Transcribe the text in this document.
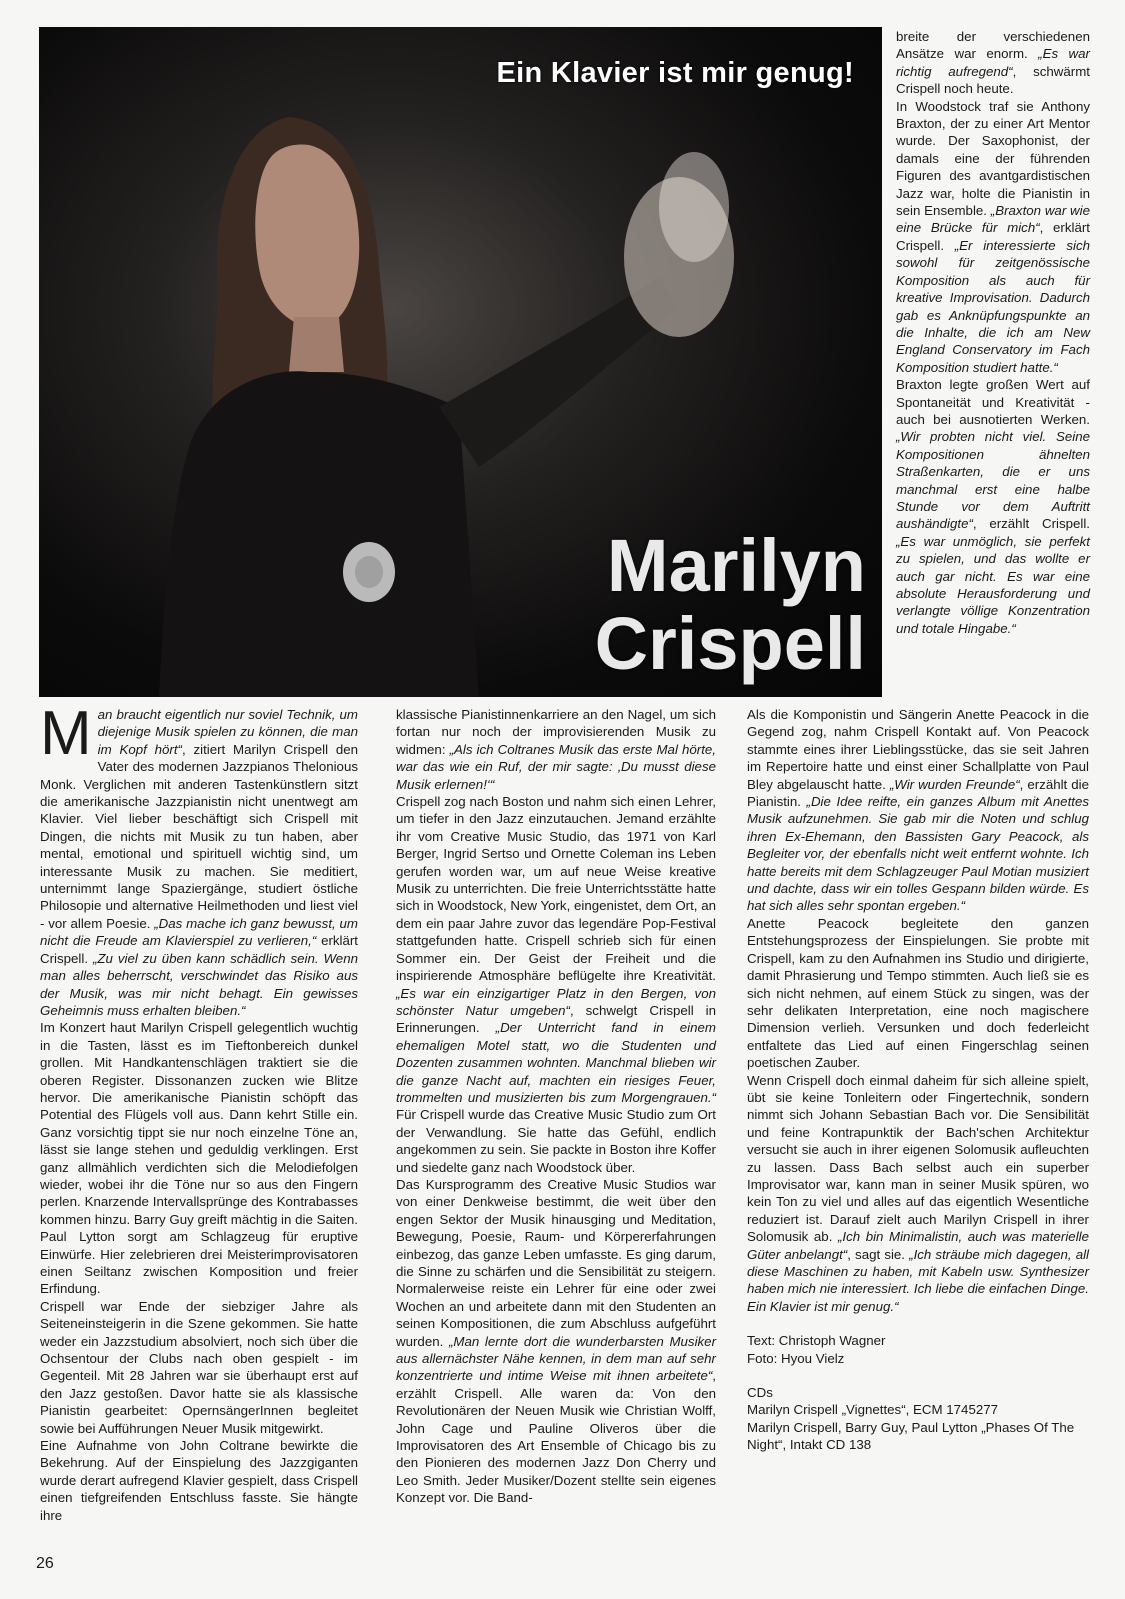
Ein Klavier ist mir genug!
Marilyn
Crispell

breite der verschiedenen Ansätze war enorm. „Es war richtig aufregend“, schwärmt Crispell noch heute.

In Woodstock traf sie Anthony Braxton, der zu einer Art Mentor wurde. Der Saxophonist, der damals eine der führenden Figuren des avantgardistischen Jazz war, holte die Pianistin in sein Ensemble. „Braxton war wie eine Brücke für mich“, erklärt Crispell. „Er interessierte sich sowohl für zeitgenössische Komposition als auch für kreative Improvisation. Dadurch gab es Anknüpfungspunkte an die Inhalte, die ich am New England Conservatory im Fach Komposition studiert hatte.“

Braxton legte großen Wert auf Spontaneität und Kreativität - auch bei ausnotierten Werken. „Wir probten nicht viel. Seine Kompositionen ähnelten Straßenkarten, die er uns manchmal erst eine halbe Stunde vor dem Auftritt aushändigte“, erzählt Crispell. „Es war unmöglich, sie perfekt zu spielen, und das wollte er auch gar nicht. Es war eine absolute Herausforderung und verlangte völlige Konzentration und totale Hingabe.“

Man braucht eigentlich nur soviel Technik, um diejenige Musik spielen zu können, die man im Kopf hört“, zitiert Marilyn Crispell den Vater des modernen Jazzpianos Thelonious Monk. Verglichen mit anderen Tastenkünstlern sitzt die amerikanische Jazzpianistin nicht unentwegt am Klavier. Viel lieber beschäftigt sich Crispell mit Dingen, die nichts mit Musik zu tun haben, aber mental, emotional und spirituell wichtig sind, um interessante Musik zu machen. Sie meditiert, unternimmt lange Spaziergänge, studiert östliche Philosopie und alternative Heilmethoden und liest viel - vor allem Poesie. „Das mache ich ganz bewusst, um nicht die Freude am Klavierspiel zu verlieren,“ erklärt Crispell. „Zu viel zu üben kann schädlich sein. Wenn man alles beherrscht, verschwindet das Risiko aus der Musik, was mir nicht behagt. Ein gewisses Geheimnis muss erhalten bleiben.“

Im Konzert haut Marilyn Crispell gelegentlich wuchtig in die Tasten, lässt es im Tieftonbereich dunkel grollen. Mit Handkantenschlägen traktiert sie die oberen Register. Dissonanzen zucken wie Blitze hervor. Die amerikanische Pianistin schöpft das Potential des Flügels voll aus. Dann kehrt Stille ein. Ganz vorsichtig tippt sie nur noch einzelne Töne an, lässt sie lange stehen und geduldig verklingen. Erst ganz allmählich verdichten sich die Melodiefolgen wieder, wobei ihr die Töne nur so aus den Fingern perlen. Knarzende Intervallsprünge des Kontrabasses kommen hinzu. Barry Guy greift mächtig in die Saiten. Paul Lytton sorgt am Schlagzeug für eruptive Einwürfe. Hier zelebrieren drei Meisterimprovisatoren einen Seiltanz zwischen Komposition und freier Erfindung.

Crispell war Ende der siebziger Jahre als Seiteneinsteigerin in die Szene gekommen. Sie hatte weder ein Jazzstudium absolviert, noch sich über die Ochsentour der Clubs nach oben gespielt - im Gegenteil. Mit 28 Jahren war sie überhaupt erst auf den Jazz gestoßen. Davor hatte sie als klassische Pianistin gearbeitet: OpernsängerInnen begleitet sowie bei Aufführungen Neuer Musik mitgewirkt.

Eine Aufnahme von John Coltrane bewirkte die Bekehrung. Auf der Einspielung des Jazzgiganten wurde derart aufregend Klavier gespielt, dass Crispell einen tiefgreifenden Entschluss fasste. Sie hängte ihre

klassische Pianistinnenkarriere an den Nagel, um sich fortan nur noch der improvisierenden Musik zu widmen: „Als ich Coltranes Musik das erste Mal hörte, war das wie ein Ruf, der mir sagte: ‚Du musst diese Musik erlernen!‘“

Crispell zog nach Boston und nahm sich einen Lehrer, um tiefer in den Jazz einzutauchen. Jemand erzählte ihr vom Creative Music Studio, das 1971 von Karl Berger, Ingrid Sertso und Ornette Coleman ins Leben gerufen worden war, um auf neue Weise kreative Musik zu unterrichten. Die freie Unterrichtsstätte hatte sich in Woodstock, New York, eingenistet, dem Ort, an dem ein paar Jahre zuvor das legendäre Pop-Festival stattgefunden hatte. Crispell schrieb sich für einen Sommer ein. Der Geist der Freiheit und die inspirierende Atmosphäre beflügelte ihre Kreativität. „Es war ein einzigartiger Platz in den Bergen, von schönster Natur umgeben“, schwelgt Crispell in Erinnerungen. „Der Unterricht fand in einem ehemaligen Motel statt, wo die Studenten und Dozenten zusammen wohnten. Manchmal blieben wir die ganze Nacht auf, machten ein riesiges Feuer, trommelten und musizierten bis zum Morgengrauen.“ Für Crispell wurde das Creative Music Studio zum Ort der Verwandlung. Sie hatte das Gefühl, endlich angekommen zu sein. Sie packte in Boston ihre Koffer und siedelte ganz nach Woodstock über.

Das Kursprogramm des Creative Music Studios war von einer Denkweise bestimmt, die weit über den engen Sektor der Musik hinausging und Meditation, Bewegung, Poesie, Raum- und Körpererfahrungen einbezog, das ganze Leben umfasste. Es ging darum, die Sinne zu schärfen und die Sensibilität zu steigern. Normalerweise reiste ein Lehrer für eine oder zwei Wochen an und arbeitete dann mit den Studenten an seinen Kompositionen, die zum Abschluss aufgeführt wurden. „Man lernte dort die wunderbarsten Musiker aus allernächster Nähe kennen, in dem man auf sehr konzentrierte und intime Weise mit ihnen arbeitete“, erzählt Crispell. Alle waren da: Von den Revolutionären der Neuen Musik wie Christian Wolff, John Cage und Pauline Oliveros über die Improvisatoren des Art Ensemble of Chicago bis zu den Pionieren des modernen Jazz Don Cherry und Leo Smith. Jeder Musiker/Dozent stellte sein eigenes Konzept vor. Die Band-

Als die Komponistin und Sängerin Anette Peacock in die Gegend zog, nahm Crispell Kontakt auf. Von Peacock stammte eines ihrer Lieblingsstücke, das sie seit Jahren im Repertoire hatte und einst einer Schallplatte von Paul Bley abgelauscht hatte. „Wir wurden Freunde“, erzählt die Pianistin. „Die Idee reifte, ein ganzes Album mit Anettes Musik aufzunehmen. Sie gab mir die Noten und schlug ihren Ex-Ehemann, den Bassisten Gary Peacock, als Begleiter vor, der ebenfalls nicht weit entfernt wohnte. Ich hatte bereits mit dem Schlagzeuger Paul Motian musiziert und dachte, dass wir ein tolles Gespann bilden würde. Es hat sich alles sehr spontan ergeben.“

Anette Peacock begleitete den ganzen Entstehungsprozess der Einspielungen. Sie probte mit Crispell, kam zu den Aufnahmen ins Studio und dirigierte, damit Phrasierung und Tempo stimmten. Auch ließ sie es sich nicht nehmen, auf einem Stück zu singen, was der sehr delikaten Interpretation, eine noch magischere Dimension verlieh. Versunken und doch federleicht entfaltete das Lied auf einen Fingerschlag seinen poetischen Zauber.

Wenn Crispell doch einmal daheim für sich alleine spielt, übt sie keine Tonleitern oder Fingertechnik, sondern nimmt sich Johann Sebastian Bach vor. Die Sensibilität und feine Kontrapunktik der Bach'schen Architektur versucht sie auch in ihrer eigenen Solomusik aufleuchten zu lassen. Dass Bach selbst auch ein superber Improvisator war, kann man in seiner Musik spüren, wo kein Ton zu viel und alles auf das eigentlich Wesentliche reduziert ist. Darauf zielt auch Marilyn Crispell in ihrer Solomusik ab. „Ich bin Minimalistin, auch was materielle Güter anbelangt“, sagt sie. „Ich sträube mich dagegen, all diese Maschinen zu haben, mit Kabeln usw. Synthesizer haben mich nie interessiert. Ich liebe die einfachen Dinge. Ein Klavier ist mir genug.“

Text: Christoph Wagner

Foto: Hyou Vielz

CDs

Marilyn Crispell „Vignettes“, ECM 1745277

Marilyn Crispell, Barry Guy, Paul Lytton „Phases Of The Night“, Intakt CD 138

26
